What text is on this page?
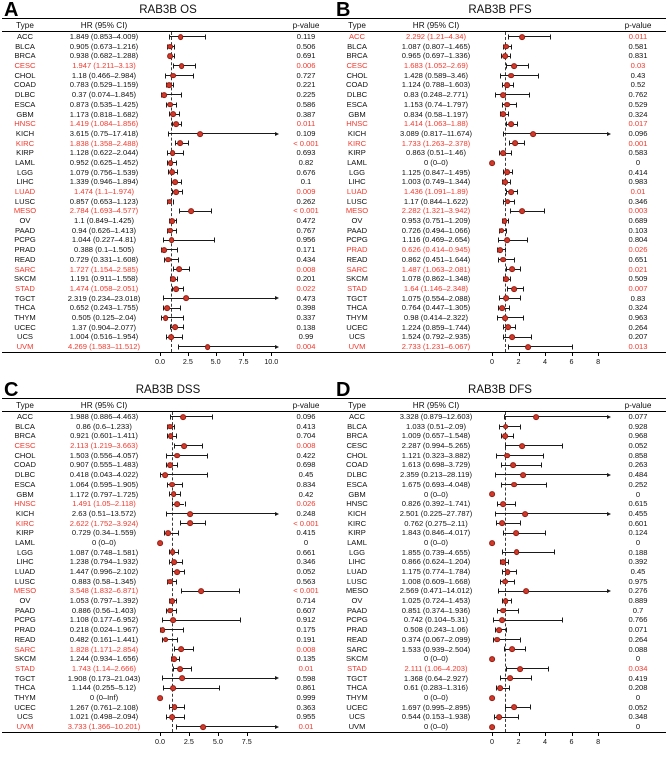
A	RAB3B OS
Type	HR (95% CI)	p-value
ACC	1.849 (0.853–4.009)	0.119
BLCA	0.905 (0.673–1.216)	0.506
BRCA	0.938 (0.682–1.288)	0.691
CESC	1.947 (1.211–3.13)	0.006
CHOL	1.18 (0.466–2.984)	0.727
COAD	0.783 (0.529–1.159)	0.221
DLBC	0.37 (0.074–1.845)	0.225
ESCA	0.873 (0.535–1.425)	0.586
GBM	1.173 (0.818–1.682)	0.387
HNSC	1.419 (1.084–1.856)	0.011
KICH	3.615 (0.75–17.418)	0.109
KIRC	1.838 (1.358–2.488)	< 0.001
KIRP	1.128 (0.622–2.044)	0.693
LAML	0.952 (0.625–1.452)	0.82
LGG	1.079 (0.756–1.539)	0.676
LIHC	1.339 (0.946–1.894)	0.1
LUAD	1.474 (1.1–1.974)	0.009
LUSC	0.857 (0.653–1.123)	0.262
MESO	2.784 (1.693–4.577)	< 0.001
OV	1.1 (0.849–1.425)	0.472
PAAD	0.94 (0.626–1.413)	0.767
PCPG	1.044 (0.227–4.81)	0.956
PRAD	0.388 (0.1–1.505)	0.171
READ	0.729 (0.331–1.608)	0.434
SARC	1.727 (1.154–2.585)	0.008
SKCM	1.191 (0.911–1.558)	0.201
STAD	1.474 (1.058–2.051)	0.022
TGCT	2.319 (0.234–23.018)	0.473
THCA	0.652 (0.243–1.755)	0.398
THYM	0.505 (0.125–2.04)	0.337
UCEC	1.37 (0.904–2.077)	0.138
UCS	1.004 (0.516–1.954)	0.99
UVM	4.269 (1.583–11.512)	0.004
0.0 2.5 5.0 7.5 10.0
B	RAB3B PFS
Type	HR (95% CI)	p-value
ACC	2.292 (1.21–4.34)	0.011
BLCA	1.087 (0.807–1.465)	0.581
BRCA	0.965 (0.697–1.336)	0.831
CESC	1.683 (1.052–2.69)	0.03
CHOL	1.428 (0.589–3.46)	0.43
COAD	1.124 (0.788–1.603)	0.52
DLBC	0.83 (0.248–2.771)	0.762
ESCA	1.153 (0.74–1.797)	0.529
GBM	0.834 (0.58–1.197)	0.324
HNSC	1.414 (1.063–1.88)	0.017
KICH	3.089 (0.817–11.674)	0.096
KIRC	1.733 (1.263–2.378)	0.001
KIRP	0.863 (0.51–1.46)	0.583
LAML	0 (0–0)	0
LGG	1.125 (0.847–1.495)	0.414
LIHC	1.003 (0.749–1.344)	0.983
LUAD	1.436 (1.091–1.89)	0.01
LUSC	1.17 (0.844–1.622)	0.346
MESO	2.282 (1.321–3.942)	0.003
OV	0.953 (0.751–1.209)	0.689
PAAD	0.726 (0.494–1.066)	0.103
PCPG	1.116 (0.469–2.654)	0.804
PRAD	0.626 (0.414–0.945)	0.026
READ	0.862 (0.451–1.644)	0.651
SARC	1.487 (1.063–2.081)	0.021
SKCM	1.078 (0.862–1.348)	0.509
STAD	1.64 (1.146–2.348)	0.007
TGCT	1.075 (0.554–2.088)	0.83
THCA	0.764 (0.447–1.305)	0.324
THYM	0.98 (0.414–2.322)	0.963
UCEC	1.224 (0.859–1.744)	0.264
UCS	1.524 (0.792–2.935)	0.207
UVM	2.733 (1.231–6.067)	0.013
0	2	4	6	8
C	RAB3B DSS
Type	HR (95% CI)	p-value
ACC	1.988 (0.886–4.463)	0.096
BLCA	0.86 (0.6–1.233)	0.413
BRCA	0.921 (0.601–1.411)	0.704
CESC	2.113 (1.219–3.663)	0.008
CHOL	1.503 (0.556–4.057)	0.422
COAD	0.907 (0.555–1.483)	0.698
DLBC	0.418 (0.043–4.022)	0.45
ESCA	1.064 (0.595–1.905)	0.834
GBM	1.172 (0.797–1.725)	0.42
HNSC	1.491 (1.05–2.118)	0.026
KICH	2.63 (0.51–13.572)	0.248
KIRC	2.622 (1.752–3.924)	< 0.001
KIRP	0.729 (0.34–1.559)	0.415
LAML	0 (0–0)	0
LGG	1.087 (0.748–1.581)	0.661
LIHC	1.238 (0.794–1.932)	0.346
LUAD	1.447 (0.996–2.102)	0.052
LUSC	0.883 (0.58–1.345)	0.563
MESO	3.548 (1.832–6.871)	< 0.001
OV	1.053 (0.797–1.392)	0.714
PAAD	0.886 (0.56–1.403)	0.607
PCPG	1.108 (0.177–6.952)	0.912
PRAD	0.218 (0.024–1.967)	0.175
READ	0.482 (0.161–1.441)	0.191
SARC	1.828 (1.171–2.854)	0.008
SKCM	1.244 (0.934–1.656)	0.135
STAD	1.743 (1.14–2.666)	0.01
TGCT	1.908 (0.173–21.043)	0.598
THCA	1.144 (0.255–5.12)	0.861
THYM	0 (0–Inf)	0.999
UCEC	1.267 (0.761–2.108)	0.363
UCS	1.021 (0.498–2.094)	0.955
UVM	3.733 (1.366–10.201)	0.01
0.0	2.5	5.0	7.5
D	RAB3B DFS
Type	HR (95% CI)	p-value
ACC	3.328 (0.879–12.603)	0.077
BLCA	1.033 (0.51–2.09)	0.928
BRCA	1.009 (0.657–1.548)	0.968
CESC	2.287 (0.994–5.265)	0.052
CHOL	1.121 (0.323–3.882)	0.858
COAD	1.613 (0.698–3.729)	0.263
DLBC	2.359 (0.213–28.119)	0.484
ESCA	1.675 (0.693–4.048)	0.252
GBM	0 (0–0)	0
HNSC	0.826 (0.392–1.741)	0.615
KICH	2.501 (0.225–27.787)	0.455
KIRC	0.762 (0.275–2.11)	0.601
KIRP	1.843 (0.846–4.017)	0.124
LAML	0 (0–0)	0
LGG	1.855 (0.739–4.655)	0.188
LIHC	0.866 (0.624–1.204)	0.392
LUAD	1.175 (0.774–1.784)	0.45
LUSC	1.008 (0.609–1.668)	0.975
MESO	2.569 (0.471–14.012)	0.276
OV	1.025 (0.724–1.453)	0.889
PAAD	0.851 (0.374–1.936)	0.7
PCPG	0.742 (0.104–5.31)	0.766
PRAD	0.508 (0.243–1.06)	0.071
READ	0.374 (0.067–2.099)	0.264
SARC	1.533 (0.939–2.504)	0.088
SKCM	0 (0–0)	0
STAD	2.111 (1.06–4.203)	0.034
TGCT	1.368 (0.64–2.927)	0.419
THCA	0.61 (0.283–1.316)	0.208
THYM	0 (0–0)	0
UCEC	1.697 (0.995–2.895)	0.052
UCS	0.544 (0.153–1.938)	0.348
UVM	0 (0–0)	0
0	2	4	6	8
